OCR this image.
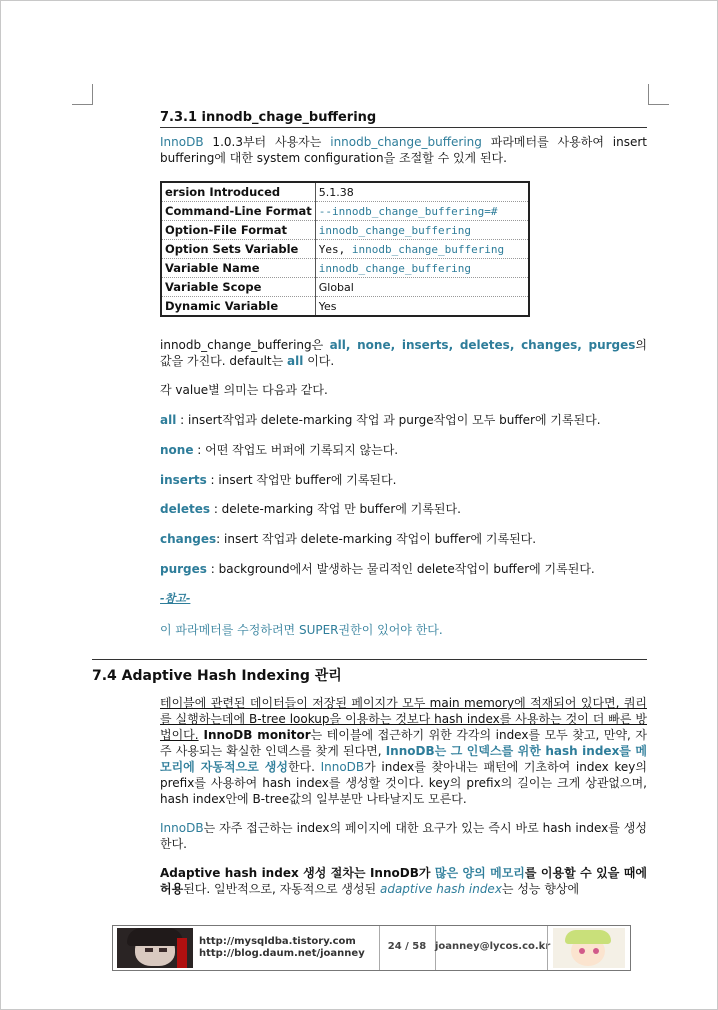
7.3.1 innodb_chage_buffering
InnoDB 1.0.3부터 사용자는 innodb_change_buffering 파라메터를 사용하여 insert buffering에 대한 system configuration을 조절할 수 있게 된다.
ersion Introduced	5.1.38
Command-Line Format	--innodb_change_buffering=#
Option-File Format	innodb_change_buffering
Option Sets Variable	Yes, innodb_change_buffering
Variable Name	innodb_change_buffering
Variable Scope	Global
Dynamic Variable	Yes
innodb_change_buffering은 all, none, inserts, deletes, changes, purges의 값을 가진다. default는 all 이다.
각 value별 의미는 다음과 같다.
all : insert작업과 delete-marking 작업 과 purge작업이 모두 buffer에 기록된다.
none : 어떤 작업도 버퍼에 기록되지 않는다.
inserts : insert 작업만 buffer에 기록된다.
deletes : delete-marking 작업 만 buffer에 기록된다.
changes: insert 작업과 delete-marking 작업이 buffer에 기록된다.
purges : background에서 발생하는 물리적인 delete작업이 buffer에 기록된다.
-참고-
이 파라메터를 수정하려면 SUPER권한이 있어야 한다.
7.4 Adaptive Hash Indexing 관리
테이블에 관련된 데이터들이 저장된 페이지가 모두 main memory에 적재되어 있다면, 쿼리를 실행하는데에 B-tree lookup을 이용하는 것보다 hash index를 사용하는 것이 더 빠른 방법이다. InnoDB monitor는 테이블에 접근하기 위한 각각의 index를 모두 찾고, 만약, 자주 사용되는 확실한 인덱스를 찾게 된다면, InnoDB는 그 인덱스를 위한 hash index를 메모리에 자동적으로 생성한다. InnoDB가 index를 찾아내는 패턴에 기초하여 index key의 prefix를 사용하여 hash index를 생성할 것이다. key의 prefix의 길이는 크게 상관없으며, hash index안에 B-tree값의 일부분만 나타날지도 모른다.
InnoDB는 자주 접근하는 index의 페이지에 대한 요구가 있는 즉시 바로 hash index를 생성한다.
Adaptive hash index 생성 절차는 InnoDB가 많은 양의 메모리를 이용할 수 있을 때에 허용된다. 일반적으로, 자동적으로 생성된 adaptive hash index는 성능 향상에
http://mysqldba.tistory.com
http://blog.daum.net/joanney
24 / 58 joanney@lycos.co.kr
